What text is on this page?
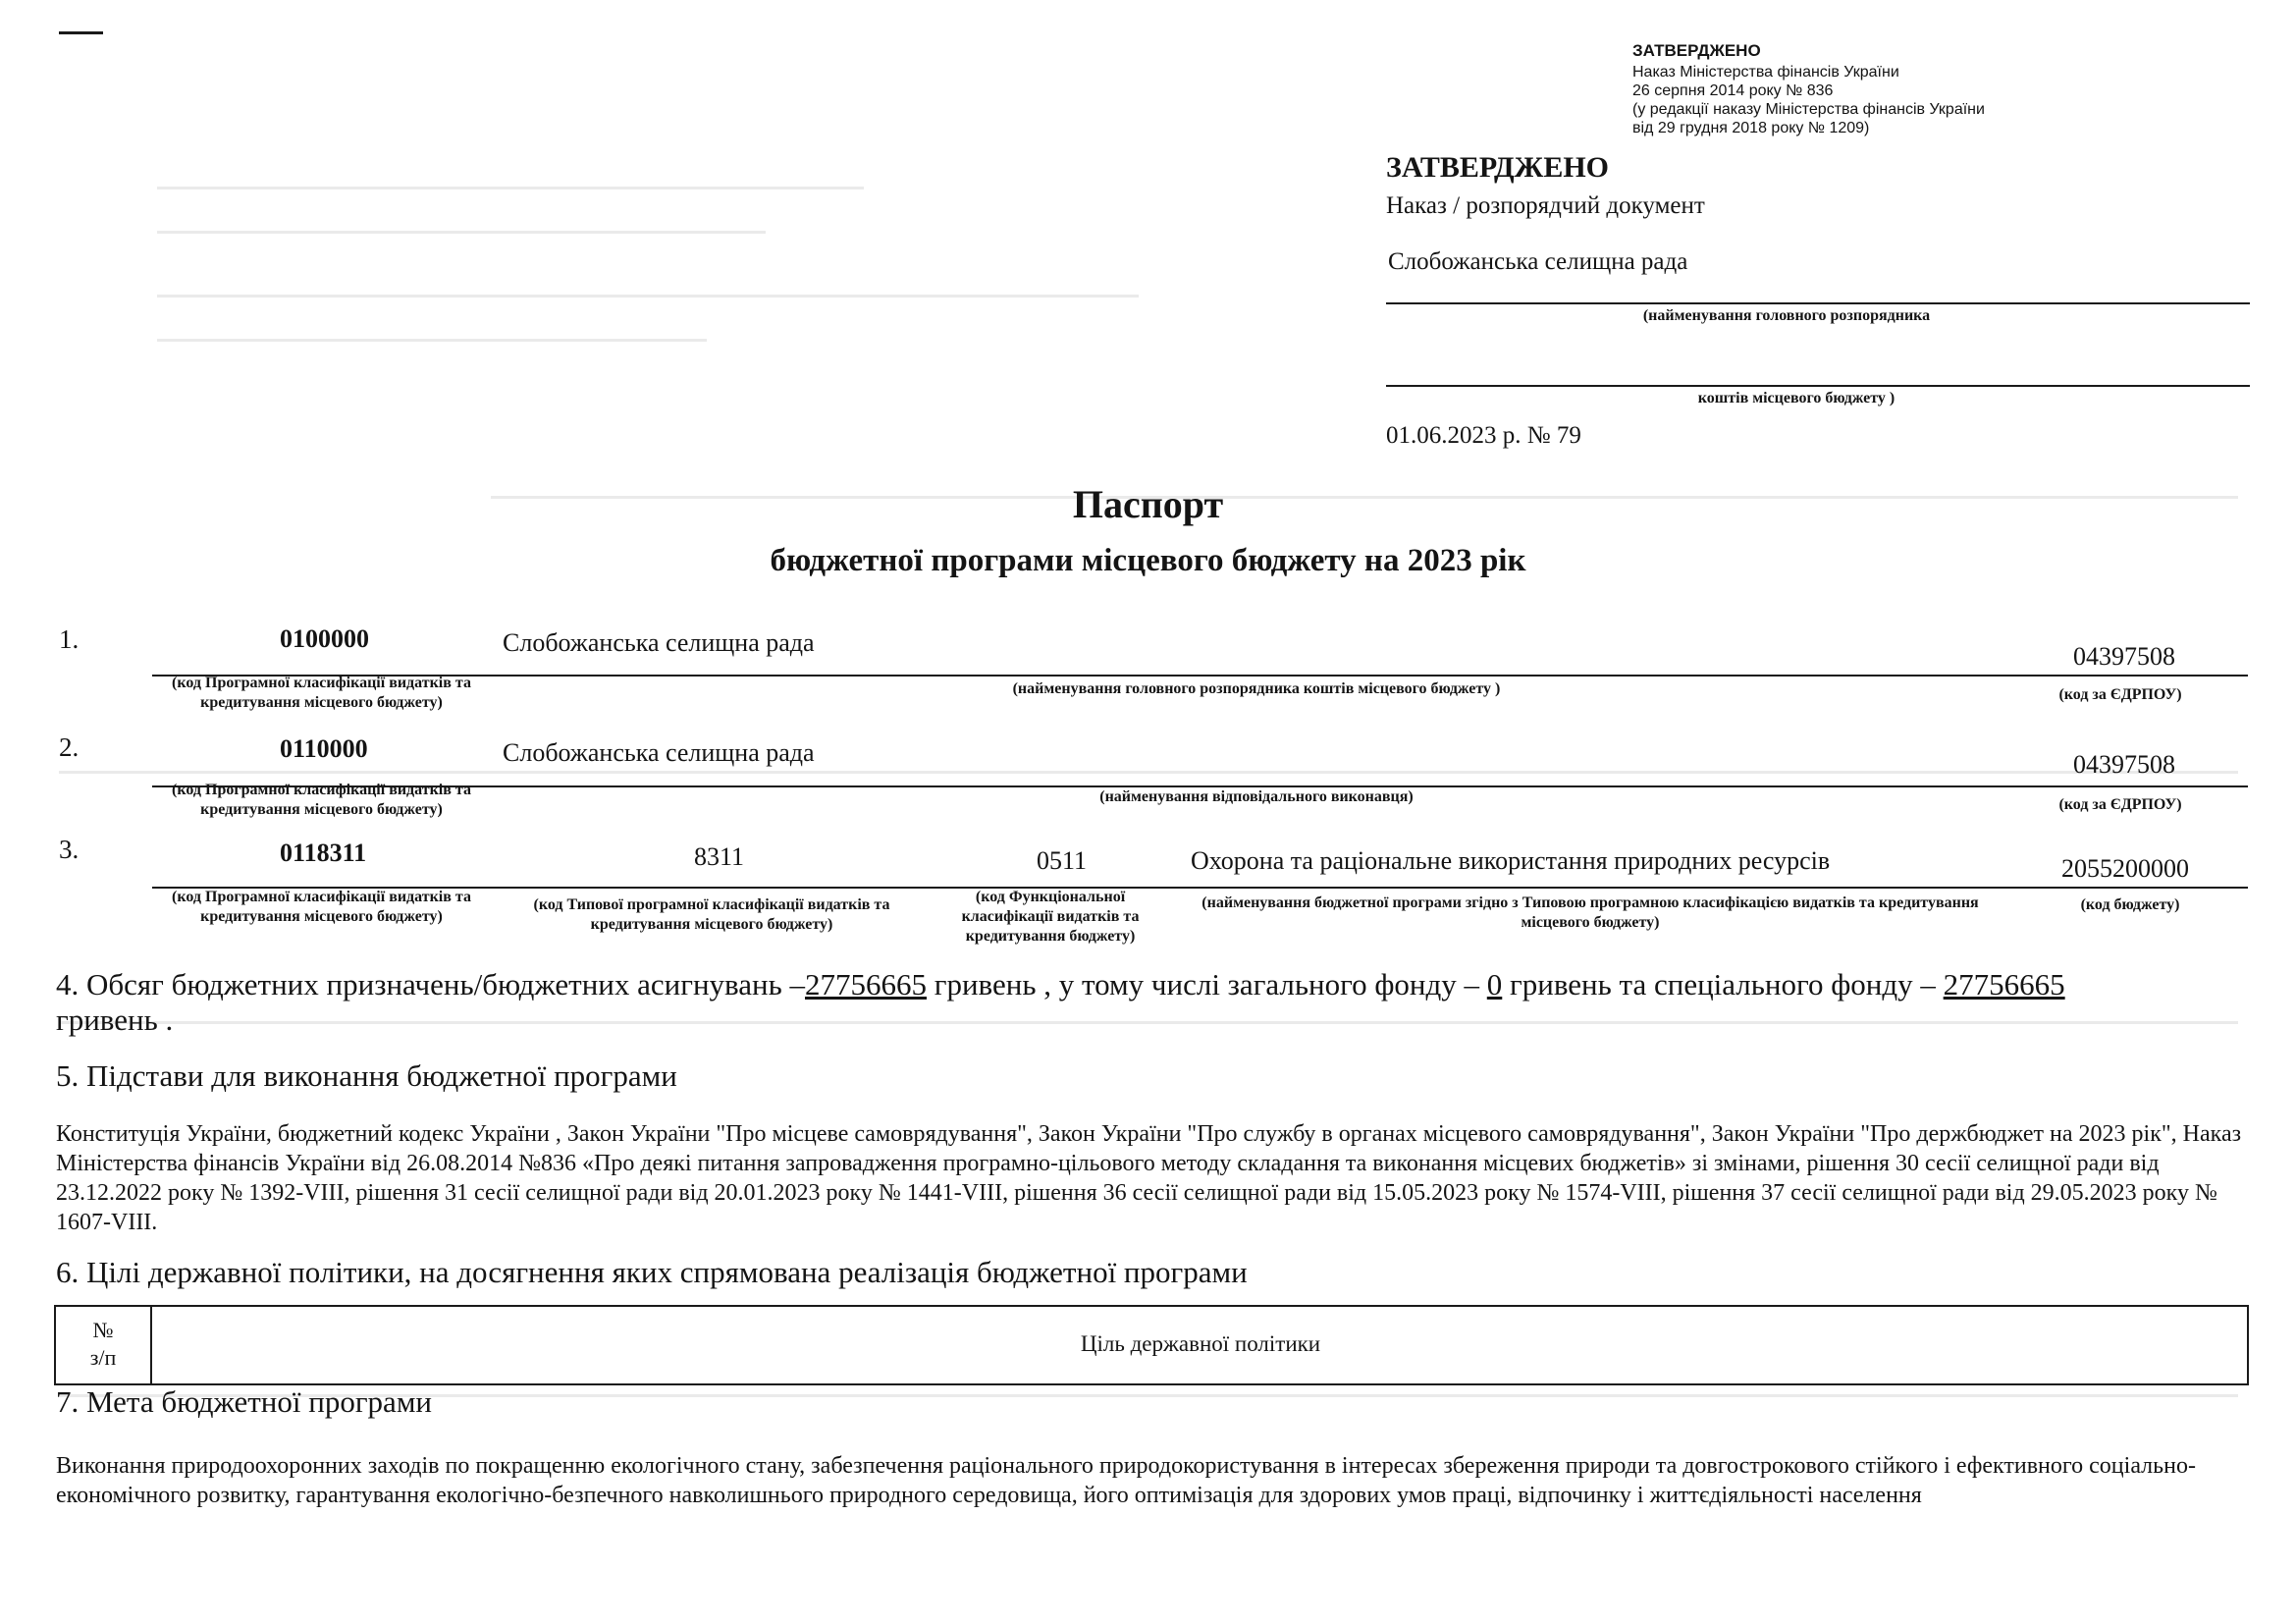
ЗАТВЕРДЖЕНО
Наказ Міністерства фінансів України
26 серпня 2014 року № 836
(у редакції наказу Міністерства фінансів України
від 29 грудня 2018 року № 1209)
ЗАТВЕРДЖЕНО
Наказ / розпорядчий документ
Слобожанська селищна рада
(найменування головного розпорядника
коштів місцевого бюджету )
01.06.2023 р. № 79
Паспорт
бюджетної програми місцевого бюджету на 2023 рік
1.	0100000	Слобожанська селищна рада	04397508
(код Програмної класифікації видатків та кредитування місцевого бюджету)
(найменування головного розпорядника коштів місцевого бюджету )	(код за ЄДРПОУ)
2.	0110000	Слобожанська селищна рада	04397508
(код Програмної класифікації видатків та кредитування місцевого бюджету)
(найменування відповідального виконавця)	(код за ЄДРПОУ)
3.	0118311	8311	0511	Охорона та раціональне використання природних ресурсів	2055200000
(код Програмної класифікації видатків та кредитування місцевого бюджету)
(код Типової програмної класифікації видатків та кредитування місцевого бюджету)
(код Функціональної класифікації видатків та кредитування бюджету)
(найменування бюджетної програми згідно з Типовою програмною класифікацією видатків та кредитування місцевого бюджету)
(код бюджету)
4. Обсяг бюджетних призначень/бюджетних асигнувань –27756665 гривень , у тому числі загального фонду – 0 гривень та спеціального фонду – 27756665
гривень .
5. Підстави для виконання бюджетної програми
Конституція України, бюджетний кодекс України , Закон України "Про місцеве самоврядування", Закон України "Про службу в органах місцевого самоврядування", Закон України "Про держбюджет на 2023 рік", Наказ Міністерства фінансів України від 26.08.2014 №836 «Про деякі питання запровадження програмно-цільового методу складання та виконання місцевих бюджетів» зі змінами, рішення 30 сесії селищної ради від 23.12.2022 року № 1392-VIII, рішення 31 сесії селищної ради від 20.01.2023 року № 1441-VIII, рішення 36 сесії селищної ради від 15.05.2023 року № 1574-VIII, рішення 37 сесії селищної ради від 29.05.2023 року № 1607-VIII.
6. Цілі державної політики, на досягнення яких спрямована реалізація бюджетної програми
№
з/п
Ціль державної політики
7. Мета бюджетної програми
Виконання природоохоронних заходів по покращенню екологічного стану, забезпечення раціонального природокористування в інтересах збереження природи та довгострокового стійкого і ефективного соціально-економічного розвитку, гарантування екологічно-безпечного навколишнього природного середовища, його оптимізація для здорових умов праці, відпочинку і життєдіяльності населення
